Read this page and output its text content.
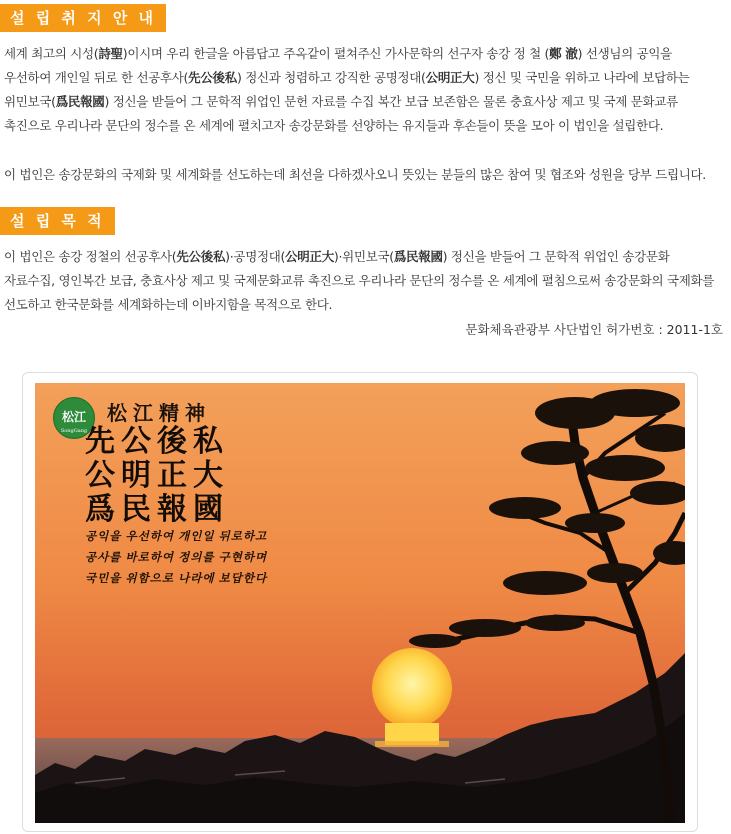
설 립 취 지 안 내

세계 최고의 시성(詩聖)이시며 우리 한글을 아름답고 주옥같이 펼쳐주신 가사문학의 선구자 송강 정 철 (鄭 澈) 선생님의 공익을
우선하여 개인일 뒤로 한 선공후사(先公後私) 정신과 청렴하고 강직한 공명정대(公明正大) 정신 및 국민을 위하고 나라에 보답하는
위민보국(爲民報國) 정신을 받들어 그 문학적 위업인 문헌 자료를 수집 복간 보급 보존함은 물론 충효사상 제고 및 국제 문화교류
촉진으로 우리나라 문단의 정수를 온 세계에 펼치고자 송강문화를 선양하는 유지들과 후손들이 뜻을 모아 이 법인을 설립한다.

이 법인은 송강문화의 국제화 및 세계화를 선도하는데 최선을 다하겠사오니 뜻있는 분들의 많은 참여 및 협조와 성원을 당부 드립니다.

설 립 목 적

이 법인은 송강 정철의 선공후사(先公後私)·공명정대(公明正大)·위민보국(爲民報國) 정신을 받들어 그 문학적 위업인 송강문화
자료수집, 영인복간 보급, 충효사상 제고 및 국제문화교류 촉진으로 우리나라 문단의 정수를 온 세계에 펼침으로써 송강문화의 국제화를
선도하고 한국문화를 세계화하는데 이바지함을 목적으로 한다.

문화체육관광부 사단법인 허가번호 : 2011-1호
松江
SongGang
松江精神
先公後私
公明正大
爲民報國
공익을 우선하여 개인일 뒤로하고
공사를 바로하여 정의를 구현하며
국민을 위함으로 나라에 보답한다
